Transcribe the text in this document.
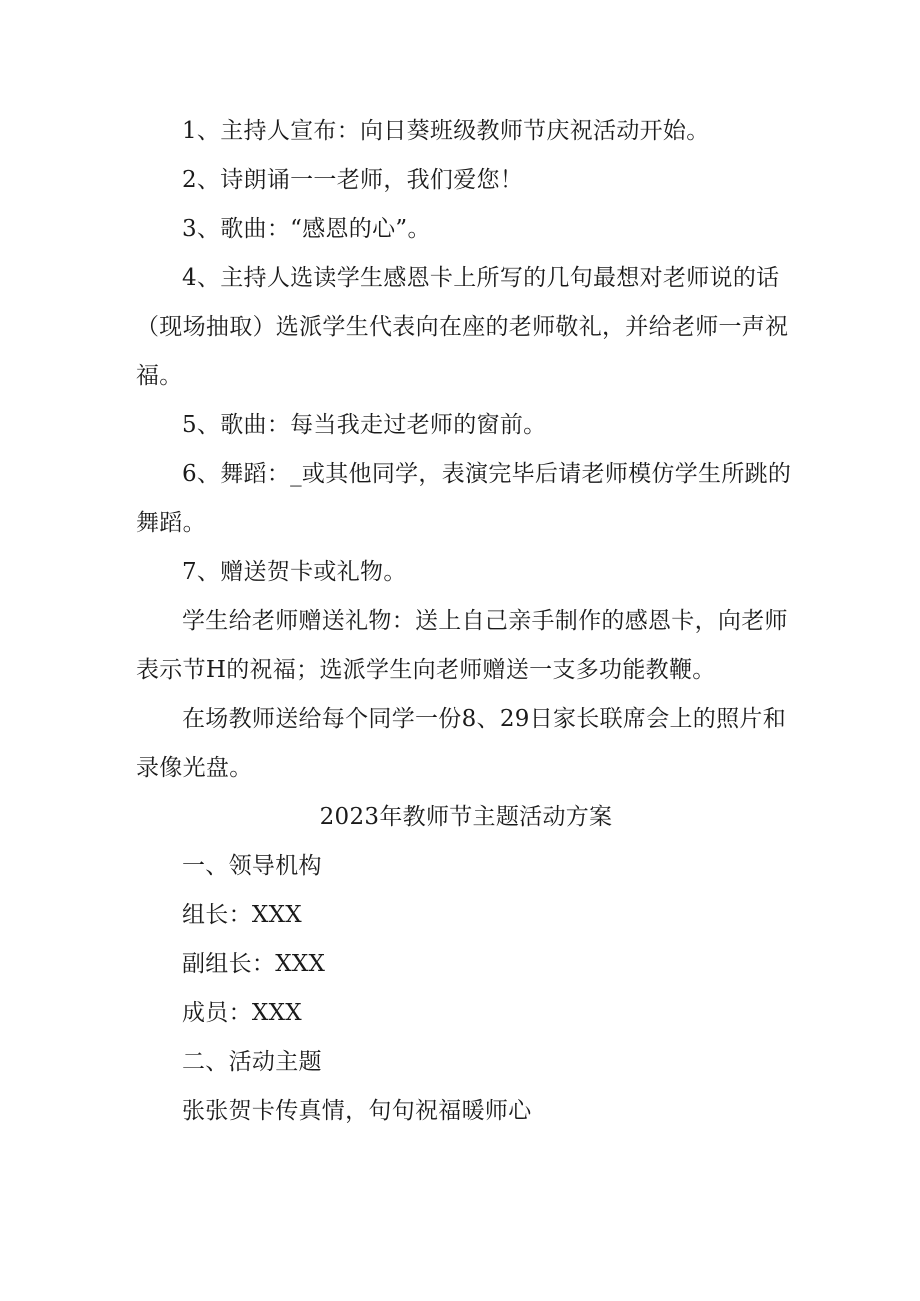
1、主持人宣布：向日葵班级教师节庆祝活动开始。

2、诗朗诵一一老师，我们爱您！

3、歌曲：“感恩的心”。

4、主持人选读学生感恩卡上所写的几句最想对老师说的话（现场抽取）选派学生代表向在座的老师敬礼，并给老师一声祝福。

5、歌曲：每当我走过老师的窗前。

6、舞蹈：_或其他同学，表演完毕后请老师模仿学生所跳的舞蹈。

7、赠送贺卡或礼物。

学生给老师赠送礼物：送上自己亲手制作的感恩卡，向老师表示节H的祝福；选派学生向老师赠送一支多功能教鞭。

在场教师送给每个同学一份8、29日家长联席会上的照片和录像光盘。

2023年教师节主题活动方案

一、领导机构

组长：XXX

副组长：XXX

成员：XXX

二、活动主题

张张贺卡传真情，句句祝福暖师心
